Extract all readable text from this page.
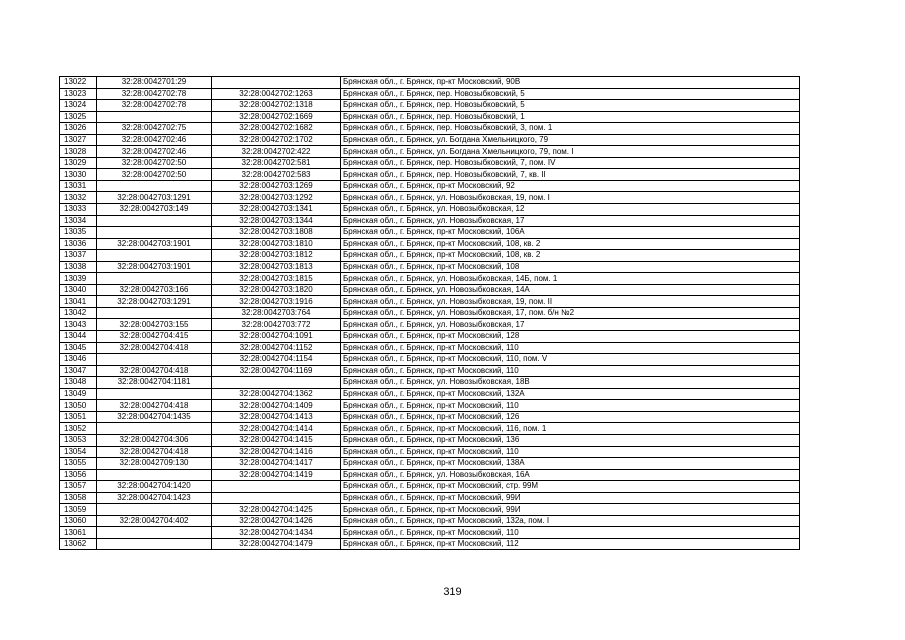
13022	32:28:0042701:29		Брянская обл., г. Брянск, пр-кт Московский, 90В
13023	32:28:0042702:78	32:28:0042702:1263	Брянская обл., г. Брянск, пер. Новозыбковский, 5
13024	32:28:0042702:78	32:28:0042702:1318	Брянская обл., г. Брянск, пер. Новозыбковский, 5
13025		32:28:0042702:1669	Брянская обл., г. Брянск, пер. Новозыбковский, 1
13026	32:28:0042702:75	32:28:0042702:1682	Брянская обл., г. Брянск, пер. Новозыбковский, 3, пом. 1
13027	32:28:0042702:46	32:28:0042702:1702	Брянская обл., г. Брянск, ул. Богдана Хмельницкого, 79
13028	32:28:0042702:46	32:28:0042702:422	Брянская обл., г. Брянск, ул. Богдана Хмельницкого, 79, пом. I
13029	32:28:0042702:50	32:28:0042702:581	Брянская обл., г. Брянск, пер. Новозыбковский, 7, пом. IV
13030	32:28:0042702:50	32:28:0042702:583	Брянская обл., г. Брянск, пер. Новозыбковский, 7, кв. II
13031		32:28:0042703:1269	Брянская обл., г. Брянск, пр-кт Московский, 92
13032	32:28:0042703:1291	32:28:0042703:1292	Брянская обл., г. Брянск, ул. Новозыбковская, 19, пом. I
13033	32:28:0042703:149	32:28:0042703:1341	Брянская обл., г. Брянск, ул. Новозыбковская, 12
13034		32:28:0042703:1344	Брянская обл., г. Брянск, ул. Новозыбковская, 17
13035		32:28:0042703:1808	Брянская обл., г. Брянск, пр-кт Московский, 106А
13036	32:28:0042703:1901	32:28:0042703:1810	Брянская обл., г. Брянск, пр-кт Московский, 108, кв. 2
13037		32:28:0042703:1812	Брянская обл., г. Брянск, пр-кт Московский, 108, кв. 2
13038	32:28:0042703:1901	32:28:0042703:1813	Брянская обл., г. Брянск, пр-кт Московский, 108
13039		32:28:0042703:1815	Брянская обл., г. Брянск, ул. Новозыбковская, 14Б, пом. 1
13040	32:28:0042703:166	32:28:0042703:1820	Брянская обл., г. Брянск, ул. Новозыбковская, 14А
13041	32:28:0042703:1291	32:28:0042703:1916	Брянская обл., г. Брянск, ул. Новозыбковская, 19, пом. II
13042		32:28:0042703:764	Брянская обл., г. Брянск, ул. Новозыбковская, 17, пом. б/н №2
13043	32:28:0042703:155	32:28:0042703:772	Брянская обл., г. Брянск, ул. Новозыбковская, 17
13044	32:28:0042704:415	32:28:0042704:1091	Брянская обл., г. Брянск, пр-кт Московский, 128
13045	32:28:0042704:418	32:28:0042704:1152	Брянская обл., г. Брянск, пр-кт Московский, 110
13046		32:28:0042704:1154	Брянская обл., г. Брянск, пр-кт Московский, 110, пом. V
13047	32:28:0042704:418	32:28:0042704:1169	Брянская обл., г. Брянск, пр-кт Московский, 110
13048	32:28:0042704:1181		Брянская обл., г. Брянск, ул. Новозыбковская, 18В
13049		32:28:0042704:1362	Брянская обл., г. Брянск, пр-кт Московский, 132А
13050	32:28:0042704:418	32:28:0042704:1409	Брянская обл., г. Брянск, пр-кт Московский, 110
13051	32:28:0042704:1435	32:28:0042704:1413	Брянская обл., г. Брянск, пр-кт Московский, 126
13052		32:28:0042704:1414	Брянская обл., г. Брянск, пр-кт Московский, 116, пом. 1
13053	32:28:0042704:306	32:28:0042704:1415	Брянская обл., г. Брянск, пр-кт Московский, 136
13054	32:28:0042704:418	32:28:0042704:1416	Брянская обл., г. Брянск, пр-кт Московский, 110
13055	32:28:0042709:130	32:28:0042704:1417	Брянская обл., г. Брянск, пр-кт Московский, 138А
13056		32:28:0042704:1419	Брянская обл., г. Брянск, ул. Новозыбковская, 16А
13057	32:28:0042704:1420		Брянская обл., г. Брянск, пр-кт Московский, стр. 99М
13058	32:28:0042704:1423		Брянская обл., г. Брянск, пр-кт Московский, 99И
13059		32:28:0042704:1425	Брянская обл., г. Брянск, пр-кт Московский, 99И
13060	32:28:0042704:402	32:28:0042704:1426	Брянская обл., г. Брянск, пр-кт Московский, 132а, пом. I
13061		32:28:0042704:1434	Брянская обл., г. Брянск, пр-кт Московский, 110
13062		32:28:0042704:1479	Брянская обл., г. Брянск, пр-кт Московский, 112
319
